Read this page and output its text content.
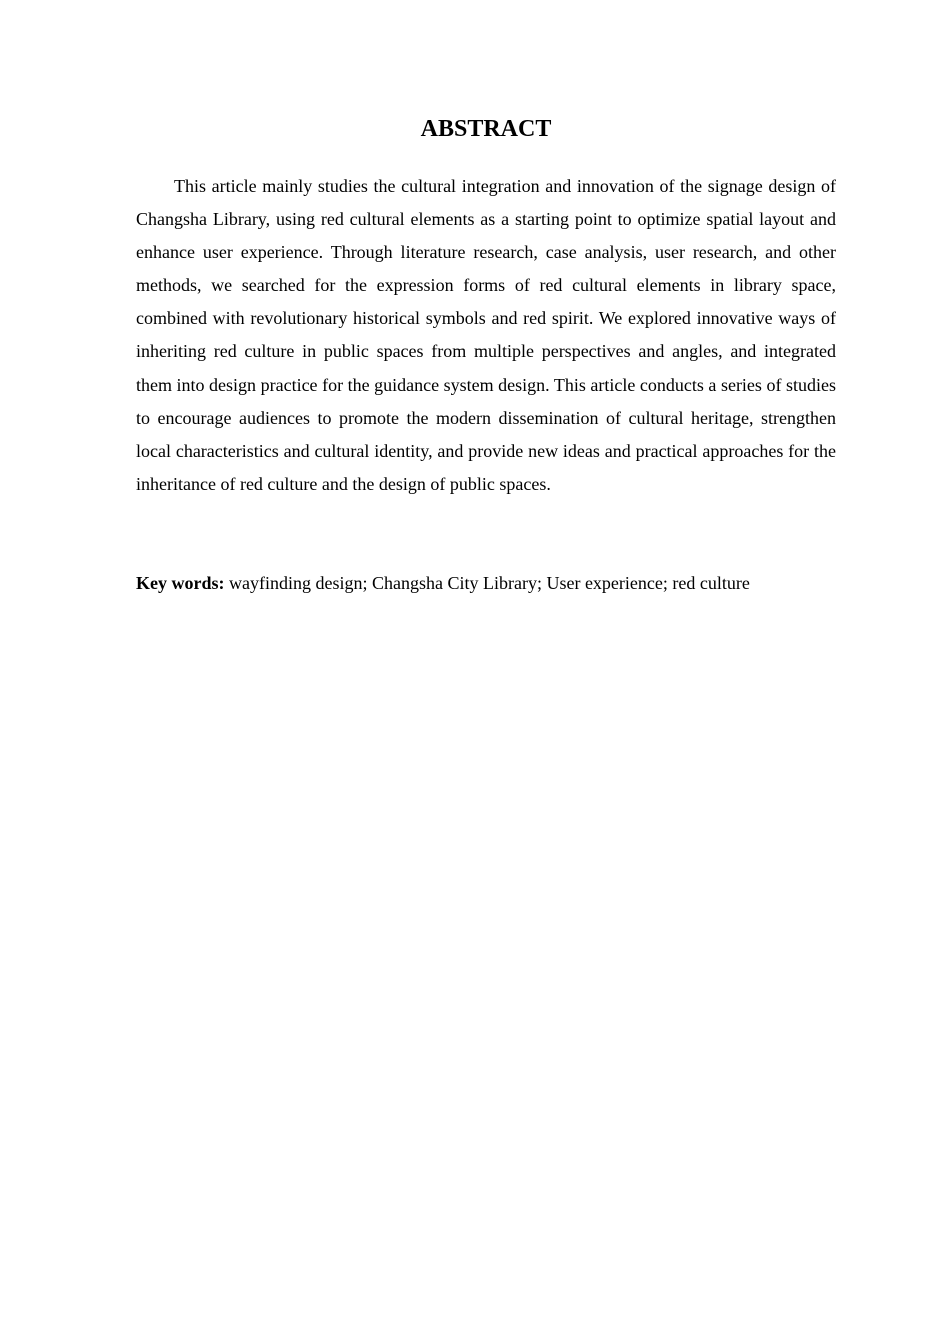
ABSTRACT

This article mainly studies the cultural integration and innovation of the signage design of Changsha Library, using red cultural elements as a starting point to optimize spatial layout and enhance user experience. Through literature research, case analysis, user research, and other methods, we searched for the expression forms of red cultural elements in library space, combined with revolutionary historical symbols and red spirit. We explored innovative ways of inheriting red culture in public spaces from multiple perspectives and angles, and integrated them into design practice for the guidance system design. This article conducts a series of studies to encourage audiences to promote the modern dissemination of cultural heritage, strengthen local characteristics and cultural identity, and provide new ideas and practical approaches for the inheritance of red culture and the design of public spaces.

Key words: wayfinding design; Changsha City Library; User experience; red culture
